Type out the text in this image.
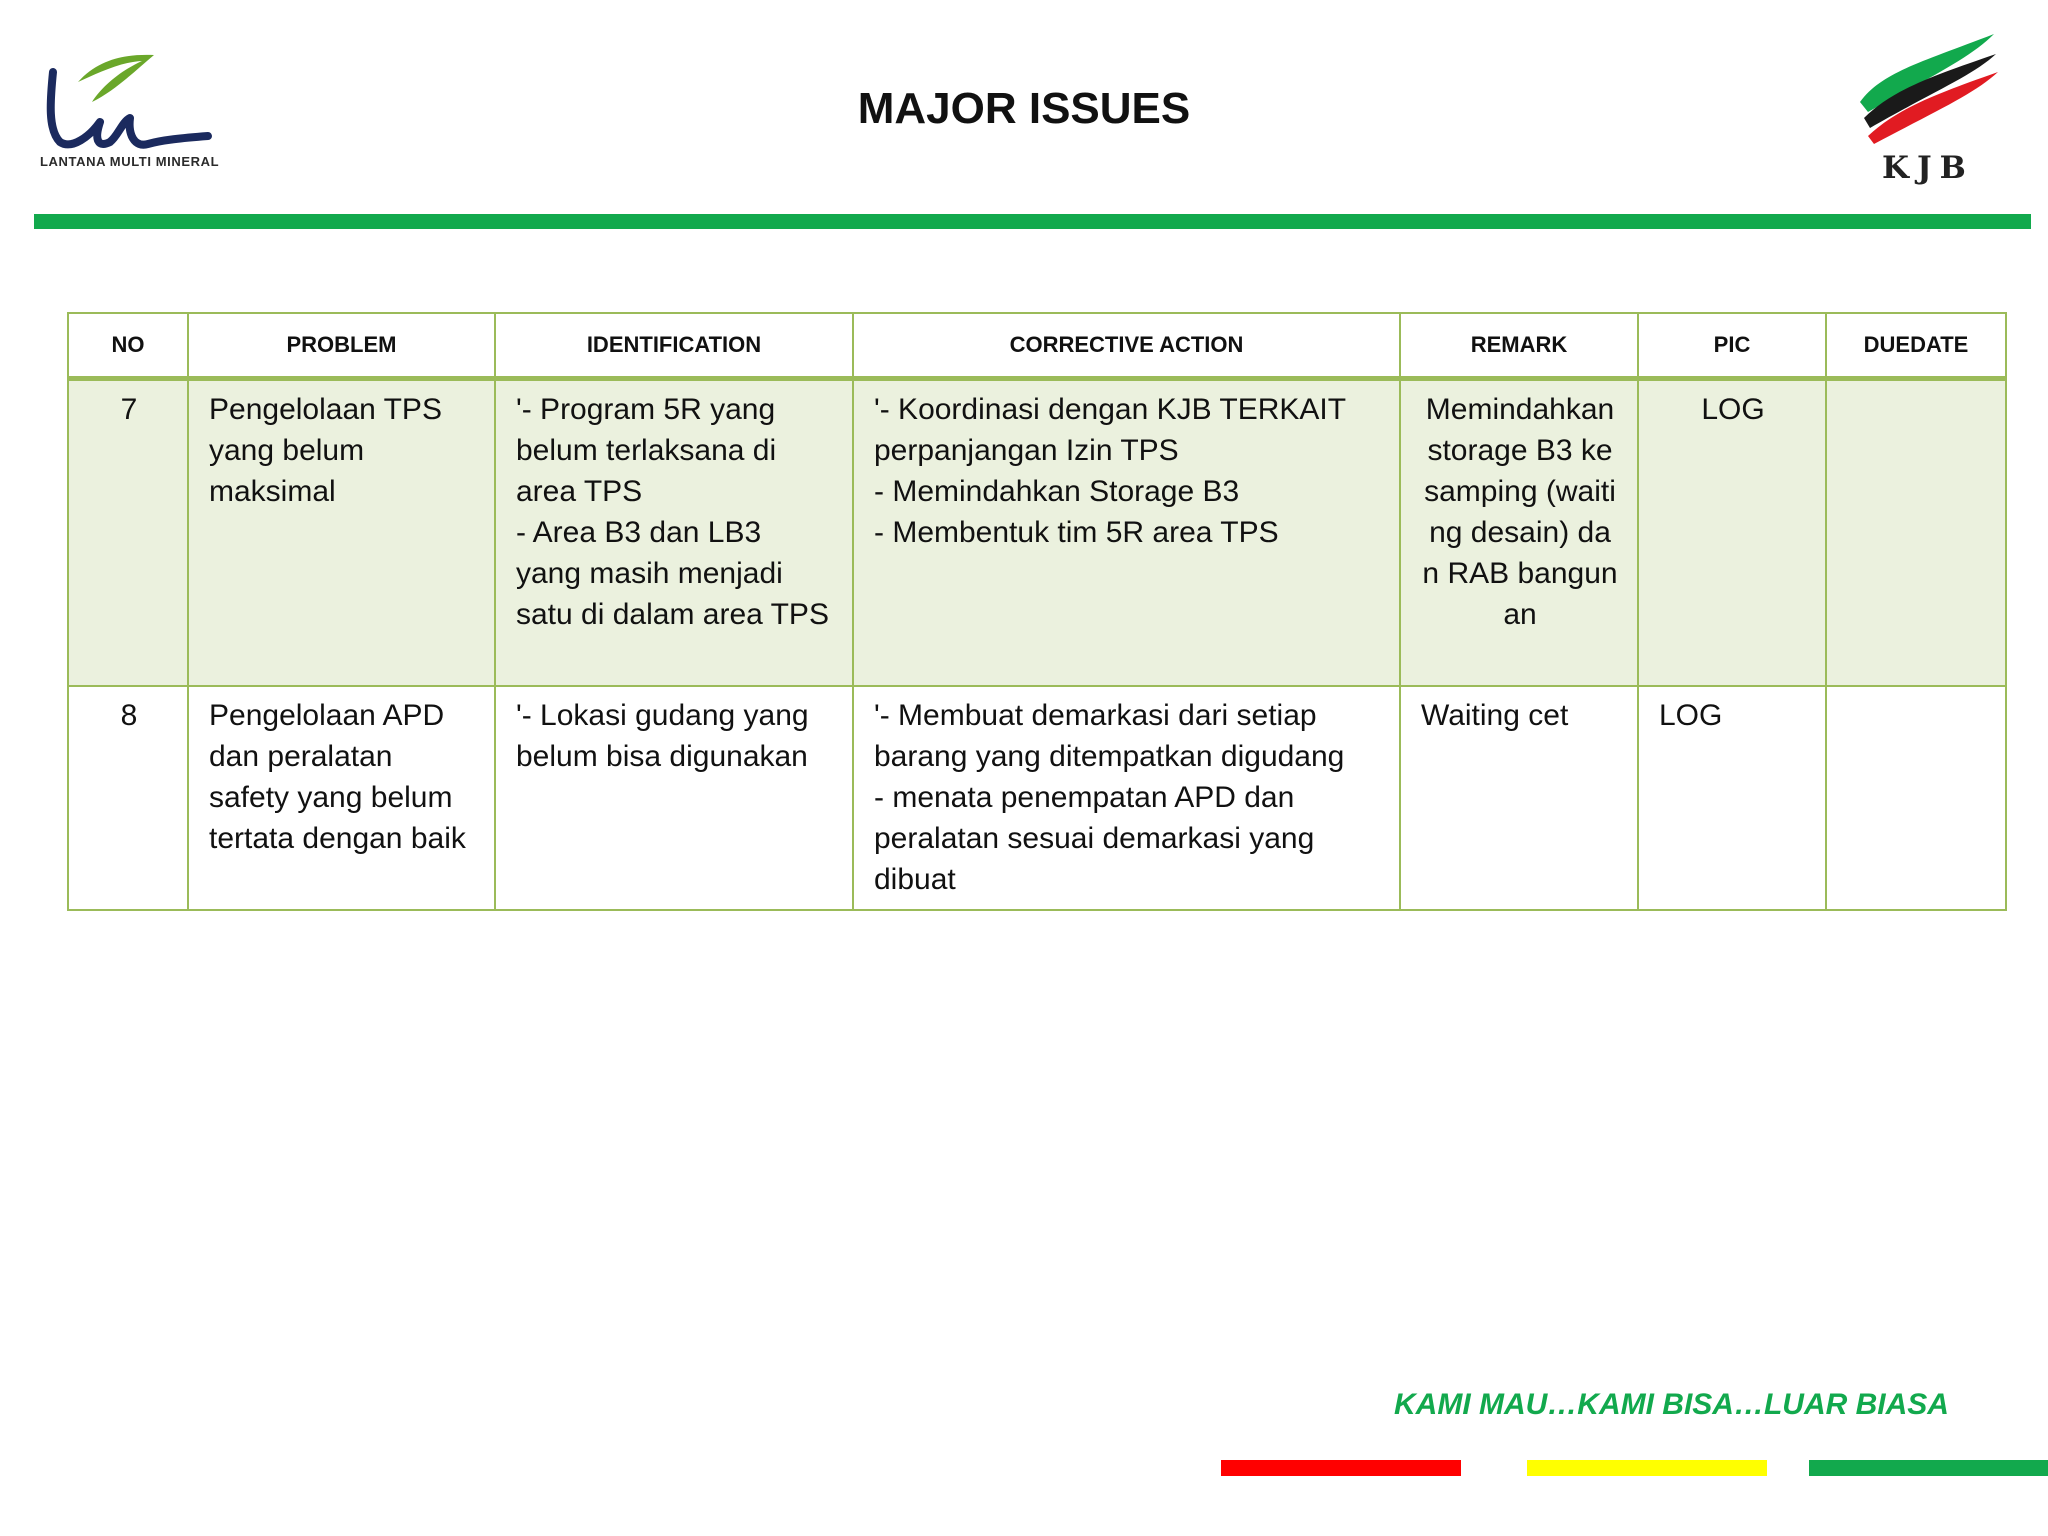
LANTANA MULTI MINERAL
MAJOR ISSUES
KJB
NO	PROBLEM	IDENTIFICATION	CORRECTIVE ACTION	REMARK	PIC	DUEDATE
7	Pengelolaan TPS yang belum maksimal	'- Program 5R yang belum terlaksana di area TPS
- Area B3 dan LB3 yang masih menjadi satu di dalam area TPS	'- Koordinasi dengan KJB TERKAIT perpanjangan Izin TPS
- Memindahkan Storage B3
- Membentuk tim 5R area TPS	Memindahkan storage B3 kesamping (waiting desain) dan RAB bangunan	LOG	
8	Pengelolaan APD dan peralatan safety yang belum tertata dengan baik	'- Lokasi gudang yang belum bisa digunakan	'- Membuat demarkasi dari setiap barang yang ditempatkan digudang
- menata penempatan APD dan peralatan sesuai demarkasi yang dibuat	Waiting cet	LOG	
KAMI MAU…KAMI BISA…LUAR BIASA
